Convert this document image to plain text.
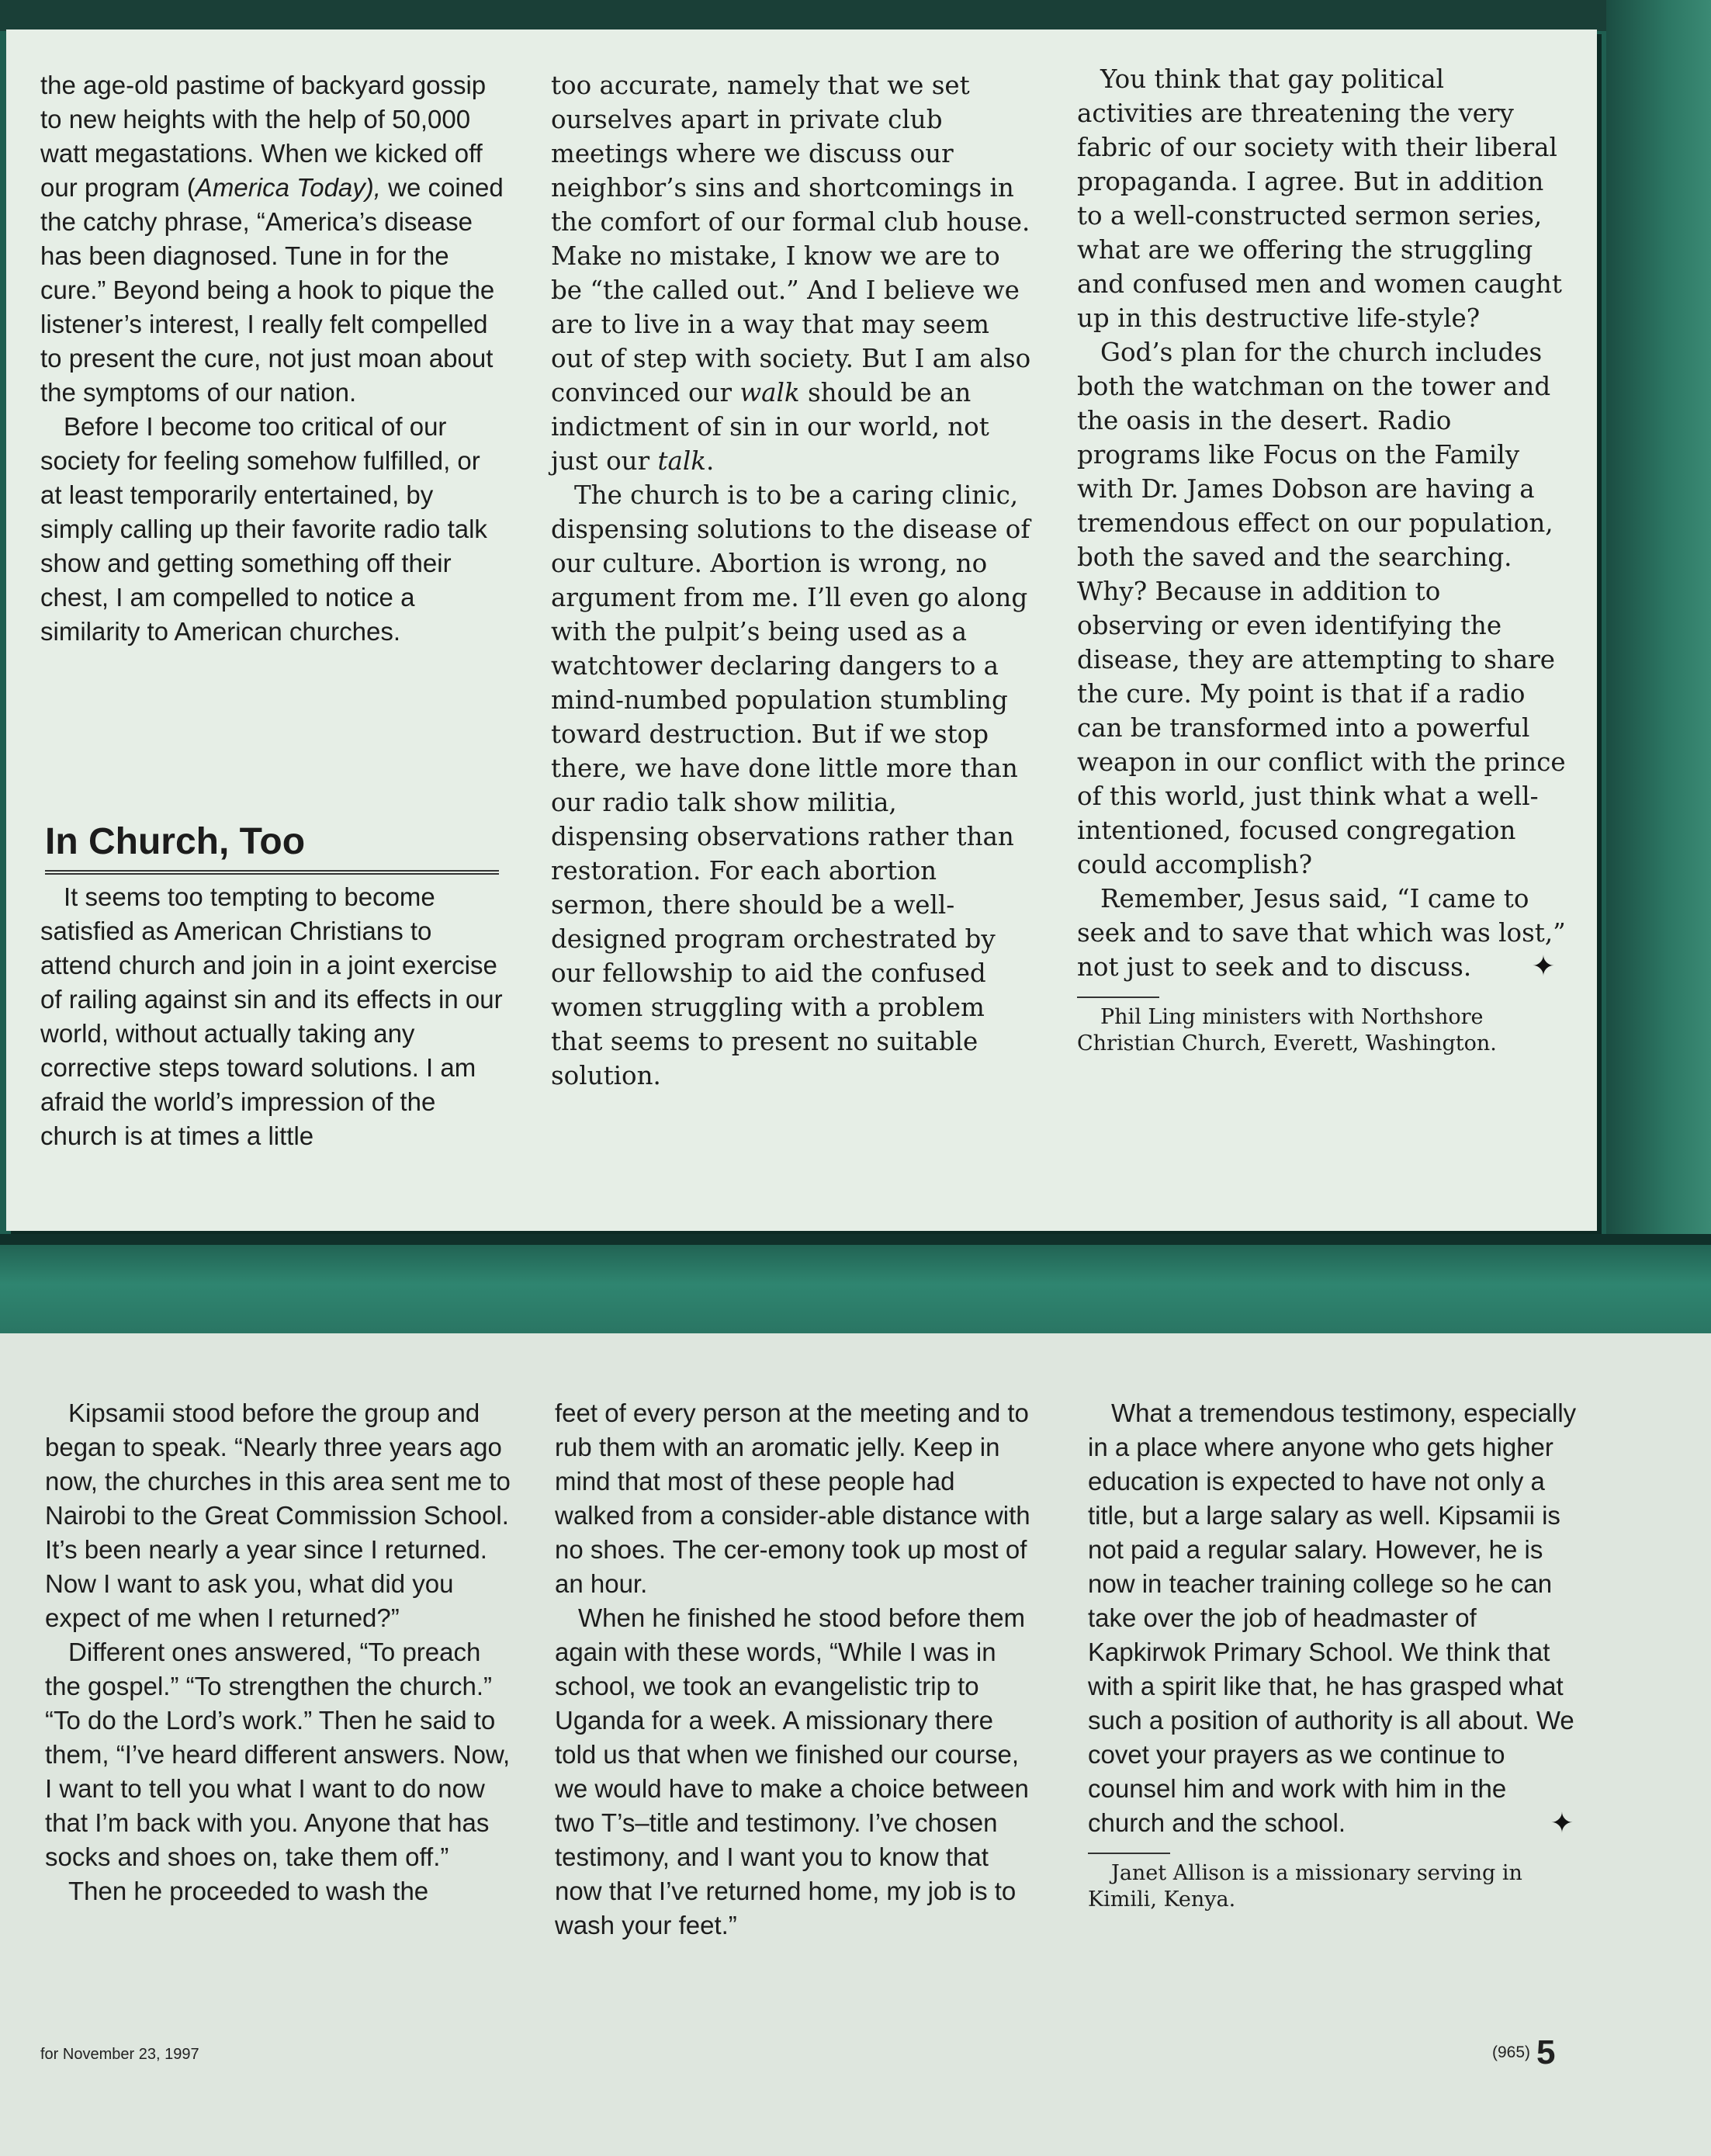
the age-old pastime of backyard gossip to new heights with the help of 50,000 watt megastations. When we kicked off our program (America Today), we coined the catchy phrase, “America’s disease has been diagnosed. Tune in for the cure.” Beyond being a hook to pique the listener’s interest, I really felt compelled to present the cure, not just moan about the symptoms of our nation.

Before I become too critical of our society for feeling somehow fulfilled, or at least temporarily entertained, by simply calling up their favorite radio talk show and getting something off their chest, I am compelled to notice a similarity to American churches.

In Church, Too

It seems too tempting to become satisfied as American Christians to attend church and join in a joint exercise of railing against sin and its effects in our world, without actually taking any corrective steps toward solutions. I am afraid the world’s impression of the church is at times a little

too accurate, namely that we set ourselves apart in private club meetings where we discuss our neighbor’s sins and shortcomings in the comfort of our formal club house. Make no mistake, I know we are to be “the called out.” And I believe we are to live in a way that may seem out of step with society. But I am also convinced our walk should be an indictment of sin in our world, not just our talk.

The church is to be a caring clinic, dispensing solutions to the disease of our culture. Abortion is wrong, no argument from me. I’ll even go along with the pulpit’s being used as a watchtower declaring dangers to a mind-numbed population stumbling toward destruction. But if we stop there, we have done little more than our radio talk show militia, dispensing observations rather than restoration. For each abortion sermon, there should be a well-designed program orchestrated by our fellowship to aid the confused women struggling with a problem that seems to present no suitable solution.

You think that gay political activities are threatening the very fabric of our society with their liberal propaganda. I agree. But in addition to a well-constructed sermon series, what are we offering the struggling and confused men and women caught up in this destructive life-style?

God’s plan for the church includes both the watchman on the tower and the oasis in the desert. Radio programs like Focus on the Family with Dr. James Dobson are having a tremendous effect on our population, both the saved and the searching. Why? Because in addition to observing or even identifying the disease, they are attempting to share the cure. My point is that if a radio can be transformed into a powerful weapon in our conflict with the prince of this world, just think what a well-intentioned, focused congregation could accomplish?

Remember, Jesus said, “I came to seek and to save that which was lost,” not just to seek and to discuss.	✦

Phil Ling ministers with Northshore Christian Church, Everett, Washington.

Kipsamii stood before the group and began to speak. “Nearly three years ago now, the churches in this area sent me to Nairobi to the Great Commission School. It’s been nearly a year since I returned. Now I want to ask you, what did you expect of me when I returned?”

Different ones answered, “To preach the gospel.” “To strengthen the church.” “To do the Lord’s work.” Then he said to them, “I’ve heard different answers. Now, I want to tell you what I want to do now that I’m back with you. Anyone that has socks and shoes on, take them off.”

Then he proceeded to wash the

feet of every person at the meeting and to rub them with an aromatic jelly. Keep in mind that most of these people had walked from a consider-able distance with no shoes. The cer-emony took up most of an hour.

When he finished he stood before them again with these words, “While I was in school, we took an evangelistic trip to Uganda for a week. A missionary there told us that when we finished our course, we would have to make a choice between two T’s–title and testimony. I’ve chosen testimony, and I want you to know that now that I’ve returned home, my job is to wash your feet.”

What a tremendous testimony, especially in a place where anyone who gets higher education is expected to have not only a title, but a large salary as well. Kipsamii is not paid a regular salary. However, he is now in teacher training college so he can take over the job of headmaster of Kapkirwok Primary School. We think that with a spirit like that, he has grasped what such a position of authority is all about. We covet your prayers as we continue to counsel him and work with him in the church and the school.	✦

Janet Allison is a missionary serving in Kimili, Kenya.

for November 23, 1997	(965) 5
